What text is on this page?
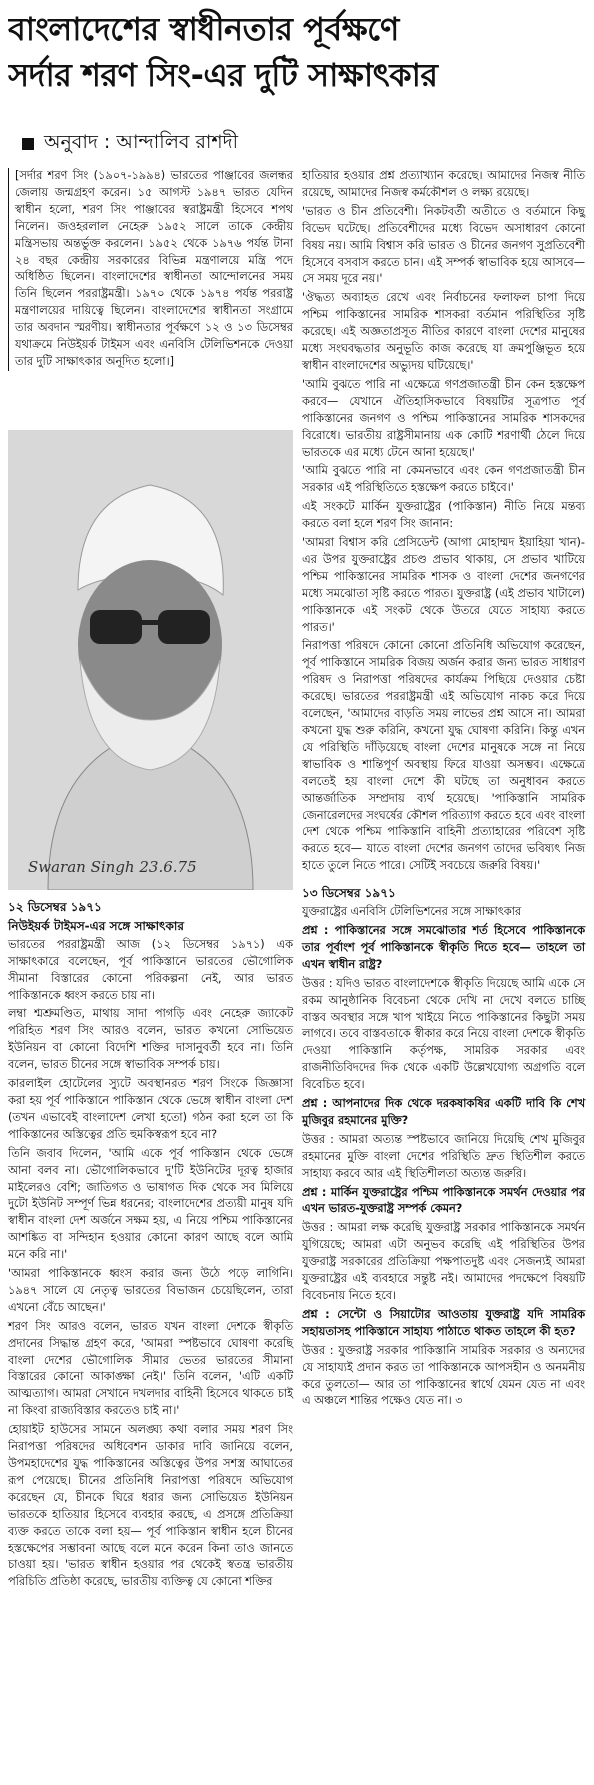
বাংলাদেশের স্বাধীনতার পূর্বক্ষণে
সর্দার শরণ সিং-এর দুটি সাক্ষাৎকার
অনুবাদ : আন্দালিব রাশদী

[সর্দার শরণ সিং (১৯০৭-১৯৯৪) ভারতের পাঞ্জাবের জলন্ধর জেলায় জন্মগ্রহণ করেন। ১৫ আগস্ট ১৯৪৭ ভারত যেদিন স্বাধীন হলো, শরণ সিং পাঞ্জাবের স্বরাষ্ট্রমন্ত্রী হিসেবে শপথ নিলেন। জওহরলাল নেহেরু ১৯৫২ সালে তাকে কেন্দ্রীয় মন্ত্রিসভায় অন্তর্ভুক্ত করলেন। ১৯৫২ থেকে ১৯৭৬ পর্যন্ত টানা ২৪ বছর কেন্দ্রীয় সরকারের বিভিন্ন মন্ত্রণালয়ে মন্ত্রি পদে অধিষ্ঠিত ছিলেন। বাংলাদেশের স্বাধীনতা আন্দোলনের সময় তিনি ছিলেন পররাষ্ট্রমন্ত্রী। ১৯৭০ থেকে ১৯৭৪ পর্যন্ত পররাষ্ট্র মন্ত্রণালয়ের দায়িত্বে ছিলেন। বাংলাদেশের স্বাধীনতা সংগ্রামে তার অবদান স্মরণীয়। স্বাধীনতার পূর্বক্ষণে ১২ ও ১৩ ডিসেম্বর যথাক্রমে নিউইয়র্ক টাইমস এবং এনবিসি টেলিভিশনকে দেওয়া তার দুটি সাক্ষাৎকার অনূদিত হলো।]

Swaran Singh 23.6.75
১২ ডিসেম্বর ১৯৭১
নিউইয়র্ক টাইমস-এর সঙ্গে সাক্ষাৎকার

ভারতের পররাষ্ট্রমন্ত্রী আজ (১২ ডিসেম্বর ১৯৭১) এক সাক্ষাৎকারে বলেছেন, পূর্ব পাকিস্তানে ভারতের ভৌগোলিক সীমানা বিস্তারের কোনো পরিকল্পনা নেই, আর ভারত পাকিস্তানকে ধ্বংস করতে চায় না।

লম্বা শ্মশ্রুমণ্ডিত, মাথায় সাদা পাগড়ি এবং নেহেরু জ্যাকেট পরিহিত শরণ সিং আরও বলেন, ভারত কখনো সোভিয়েত ইউনিয়ন বা কোনো বিদেশি শক্তির দাসানুবর্তী হবে না। তিনি বলেন, ভারত চীনের সঙ্গে স্বাভাবিক সম্পর্ক চায়।

কারলাইল হোটেলের স্যুটে অবস্থানরত শরণ সিংকে জিজ্ঞাসা করা হয় পূর্ব পাকিস্তানে পাকিস্তান থেকে ভেঙ্গে স্বাধীন বাংলা দেশ (তখন এভাবেই বাংলাদেশ লেখা হতো) গঠন করা হলে তা কি পাকিস্তানের অস্তিত্বের প্রতি হুমকিস্বরূপ হবে না?

তিনি জবাব দিলেন, 'আমি একে পূর্ব পাকিস্তান থেকে ভেঙ্গে আনা বলব না। ভৌগোলিকভাবে দু'টি ইউনিটের দূরত্ব হাজার মাইলেরও বেশি; জাতিগত ও ভাষাগত দিক থেকে সব মিলিয়ে দুটো ইউনিট সম্পূর্ণ ভিন্ন ধরনের; বাংলাদেশের প্রত্যয়ী মানুষ যদি স্বাধীন বাংলা দেশ অর্জনে সক্ষম হয়, এ নিয়ে পশ্চিম পাকিস্তানের আশঙ্কিত বা সন্দিহান হওয়ার কোনো কারণ আছে বলে আমি মনে করি না।'

'আমরা পাকিস্তানকে ধ্বংস করার জন্য উঠে পড়ে লাগিনি। ১৯৪৭ সালে যে নেতৃত্ব ভারতের বিভাজন চেয়েছিলেন, তারা এখনো বেঁচে আছেন।'

শরণ সিং আরও বলেন, ভারত যখন বাংলা দেশকে স্বীকৃতি প্রদানের সিদ্ধান্ত গ্রহণ করে, 'আমরা স্পষ্টভাবে ঘোষণা করেছি বাংলা দেশের ভৌগোলিক সীমার ভেতর ভারতের সীমানা বিস্তারের কোনো আকাঙ্ক্ষা নেই।' তিনি বলেন, 'এটি একটি আত্মত্যাগ। আমরা সেখানে দখলদার বাহিনী হিসেবে থাকতে চাই না কিংবা রাজ্যবিস্তার করতেও চাই না।'

হোয়াইট হাউসের সামনে অলঙ্ঘ্য কথা বলার সময় শরণ সিং নিরাপত্তা পরিষদের অধিবেশন ডাকার দাবি জানিয়ে বলেন, উপমহাদেশের যুদ্ধ পাকিস্তানের অস্তিত্বের উপর সশস্ত্র আঘাতের রূপ পেয়েছে। চীনের প্রতিনিধি নিরাপত্তা পরিষদে অভিযোগ করেছেন যে, চীনকে ঘিরে ধরার জন্য সোভিয়েত ইউনিয়ন ভারতকে হাতিয়ার হিসেবে ব্যবহার করছে, এ প্রসঙ্গে প্রতিক্রিয়া ব্যক্ত করতে তাকে বলা হয়— পূর্ব পাকিস্তান স্বাধীন হলে চীনের হস্তক্ষেপের সম্ভাবনা আছে বলে মনে করেন কিনা তাও জানতে চাওয়া হয়। 'ভারত স্বাধীন হওয়ার পর থেকেই স্বতন্ত্র ভারতীয় পরিচিতি প্রতিষ্ঠা করেছে, ভারতীয় ব্যক্তিত্ব যে কোনো শক্তির

হাতিয়ার হওয়ার প্রশ্ন প্রত্যাখ্যান করেছে। আমাদের নিজস্ব নীতি রয়েছে, আমাদের নিজস্ব কর্মকৌশল ও লক্ষ্য রয়েছে।

'ভারত ও চীন প্রতিবেশী। নিকটবর্তী অতীতে ও বর্তমানে কিছু বিভেদ ঘটেছে। প্রতিবেশীদের মধ্যে বিভেদ অসাধারণ কোনো বিষয় নয়। আমি বিশ্বাস করি ভারত ও চীনের জনগণ সুপ্রতিবেশী হিসেবে বসবাস করতে চান। এই সম্পর্ক স্বাভাবিক হয়ে আসবে— সে সময় দূরে নয়।'

'ঔদ্ধত্য অব্যাহত রেখে এবং নির্বাচনের ফলাফল চাপা দিয়ে পশ্চিম পাকিস্তানের সামরিক শাসকরা বর্তমান পরিস্থিতির সৃষ্টি করেছে। এই অজ্ঞতাপ্রসূত নীতির কারণে বাংলা দেশের মানুষের মধ্যে সংঘবদ্ধতার অনুভূতি কাজ করেছে যা ক্রমপুঞ্জিভূত হয়ে স্বাধীন বাংলাদেশের অভ্যুদয় ঘটিয়েছে।'

'আমি বুঝতে পারি না এক্ষেত্রে গণপ্রজাতন্ত্রী চীন কেন হস্তক্ষেপ করবে— যেখানে ঐতিহাসিকভাবে বিষয়টির সূত্রপাত পূর্ব পাকিস্তানের জনগণ ও পশ্চিম পাকিস্তানের সামরিক শাসকদের বিরোধে। ভারতীয় রাষ্ট্রসীমানায় এক কোটি শরণার্থী ঠেলে দিয়ে ভারতকে এর মধ্যে টেনে আনা হয়েছে।'

'আমি বুঝতে পারি না কেমনভাবে এবং কেন গণপ্রজাতন্ত্রী চীন সরকার এই পরিস্থিতিতে হস্তক্ষেপ করতে চাইবে।'

এই সংকটে মার্কিন যুক্তরাষ্ট্রের (পাকিস্তান) নীতি নিয়ে মন্তব্য করতে বলা হলে শরণ সিং জানান:

'আমরা বিশ্বাস করি প্রেসিডেন্ট (আগা মোহাম্মদ ইয়াহিয়া খান)-এর উপর যুক্তরাষ্ট্রের প্রচণ্ড প্রভাব থাকায়, সে প্রভাব খাটিয়ে পশ্চিম পাকিস্তানের সামরিক শাসক ও বাংলা দেশের জনগণের মধ্যে সমঝোতা সৃষ্টি করতে পারত। যুক্তরাষ্ট্র (এই প্রভাব খাটালে) পাকিস্তানকে এই সংকট থেকে উতরে যেতে সাহায্য করতে পারত।'

নিরাপত্তা পরিষদে কোনো কোনো প্রতিনিধি অভিযোগ করেছেন, পূর্ব পাকিস্তানে সামরিক বিজয় অর্জন করার জন্য ভারত সাধারণ পরিষদ ও নিরাপত্তা পরিষদের কার্যক্রম পিছিয়ে দেওয়ার চেষ্টা করেছে। ভারতের পররাষ্ট্রমন্ত্রী এই অভিযোগ নাকচ করে দিয়ে বলেছেন, 'আমাদের বাড়তি সময় লাভের প্রশ্ন আসে না। আমরা কখনো যুদ্ধ শুরু করিনি, কখনো যুদ্ধ ঘোষণা করিনি। কিন্তু এখন যে পরিস্থিতি দাঁড়িয়েছে বাংলা দেশের মানুষকে সঙ্গে না নিয়ে স্বাভাবিক ও শান্তিপূর্ণ অবস্থায় ফিরে যাওয়া অসম্ভব। এক্ষেত্রে বলতেই হয় বাংলা দেশে কী ঘটছে তা অনুধাবন করতে আন্তর্জাতিক সম্প্রদায় ব্যর্থ হয়েছে। 'পাকিস্তানি সামরিক জেনারেলদের সংঘর্ষের কৌশল পরিত্যাগ করতে হবে এবং বাংলা দেশ থেকে পশ্চিম পাকিস্তানি বাহিনী প্রত্যাহারের পরিবেশ সৃষ্টি করতে হবে— যাতে বাংলা দেশের জনগণ তাদের ভবিষ্যৎ নিজ হাতে তুলে নিতে পারে। সেটিই সবচেয়ে জরুরি বিষয়।'

১৩ ডিসেম্বর ১৯৭১

যুক্তরাষ্ট্রের এনবিসি টেলিভিশনের সঙ্গে সাক্ষাৎকার

প্রশ্ন : পাকিস্তানের সঙ্গে সমঝোতার শর্ত হিসেবে পাকিস্তানকে তার পূর্বাংশ পূর্ব পাকিস্তানকে স্বীকৃতি দিতে হবে— তাহলে তা এখন স্বাধীন রাষ্ট্র?

উত্তর : যদিও ভারত বাংলাদেশকে স্বীকৃতি দিয়েছে আমি একে সে রকম আনুষ্ঠানিক বিবেচনা থেকে দেখি না দেখে বলতে চাচ্ছি বাস্তব অবস্থার সঙ্গে খাপ খাইয়ে নিতে পাকিস্তানের কিছুটা সময় লাগবে। তবে বাস্তবতাকে স্বীকার করে নিয়ে বাংলা দেশকে স্বীকৃতি দেওয়া পাকিস্তানি কর্তৃপক্ষ, সামরিক সরকার এবং রাজনীতিবিদদের দিক থেকে একটি উল্লেখযোগ্য অগ্রগতি বলে বিবেচিত হবে।

প্রশ্ন : আপনাদের দিক থেকে দরকষাকষির একটি দাবি কি শেখ মুজিবুর রহমানের মুক্তি?

উত্তর : আমরা অত্যন্ত স্পষ্টভাবে জানিয়ে দিয়েছি শেখ মুজিবুর রহমানের মুক্তি বাংলা দেশের পরিস্থিতি দ্রুত স্থিতিশীল করতে সাহায্য করবে আর এই স্থিতিশীলতা অত্যন্ত জরুরি।

প্রশ্ন : মার্কিন যুক্তরাষ্ট্রের পশ্চিম পাকিস্তানকে সমর্থন দেওয়ার পর এখন ভারত-যুক্তরাষ্ট্র সম্পর্ক কেমন?

উত্তর : আমরা লক্ষ করেছি যুক্তরাষ্ট্র সরকার পাকিস্তানকে সমর্থন যুগিয়েছে; আমরা এটা অনুভব করেছি এই পরিস্থিতির উপর যুক্তরাষ্ট্র সরকারের প্রতিক্রিয়া পক্ষপাতদুষ্ট এবং সেজন্যই আমরা যুক্তরাষ্ট্রের এই ব্যবহারে সন্তুষ্ট নই। আমাদের পদক্ষেপে বিষয়টি বিবেচনায় নিতে হবে।

প্রশ্ন : সেন্টো ও সিয়াটোর আওতায় যুক্তরাষ্ট্র যদি সামরিক সহায়তাসহ পাকিস্তানে সাহায্য পাঠাতে থাকত তাহলে কী হত?

উত্তর : যুক্তরাষ্ট্র সরকার পাকিস্তানি সামরিক সরকার ও অন্যদের যে সাহায্যই প্রদান করত তা পাকিস্তানকে আপসহীন ও অনমনীয় করে তুলতো— আর তা পাকিস্তানের স্বার্থে যেমন যেত না এবং এ অঞ্চলে শান্তির পক্ষেও যেত না। ৩
